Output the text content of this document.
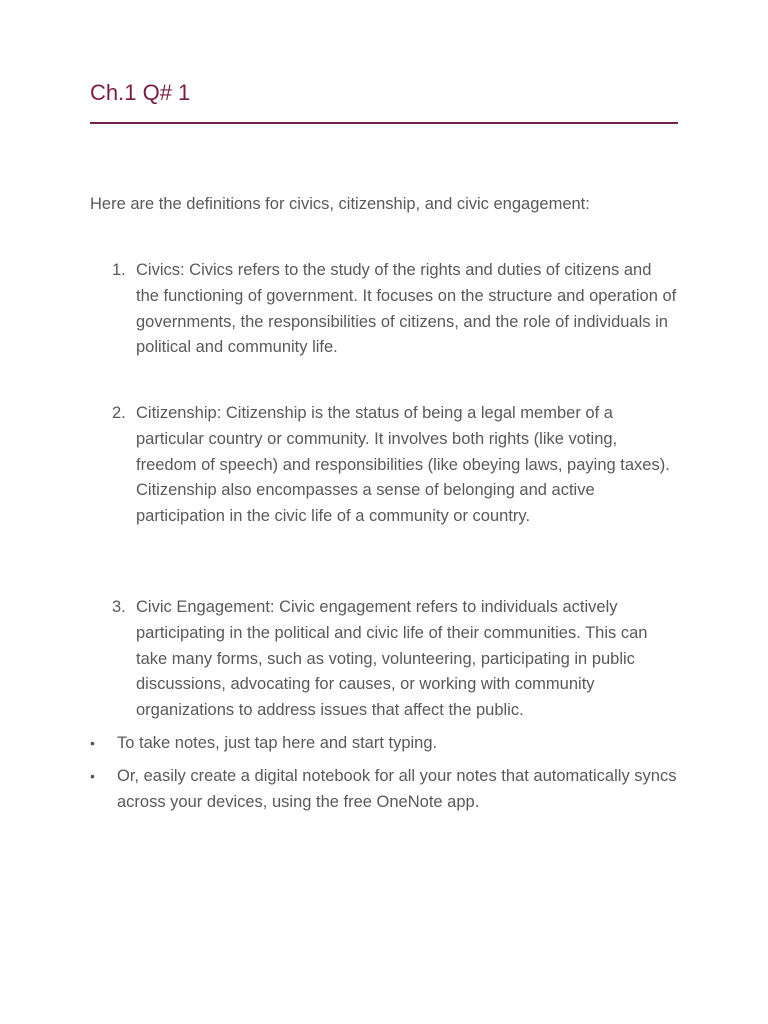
Ch.1 Q# 1
Here are the definitions for civics, citizenship, and civic engagement:
1. Civics: Civics refers to the study of the rights and duties of citizens and the functioning of government. It focuses on the structure and operation of governments, the responsibilities of citizens, and the role of individuals in political and community life.
2. Citizenship: Citizenship is the status of being a legal member of a particular country or community. It involves both rights (like voting, freedom of speech) and responsibilities (like obeying laws, paying taxes). Citizenship also encompasses a sense of belonging and active participation in the civic life of a community or country.
3. Civic Engagement: Civic engagement refers to individuals actively participating in the political and civic life of their communities. This can take many forms, such as voting, volunteering, participating in public discussions, advocating for causes, or working with community organizations to address issues that affect the public.
•	To take notes, just tap here and start typing.
•	Or, easily create a digital notebook for all your notes that automatically syncs across your devices, using the free OneNote app.
